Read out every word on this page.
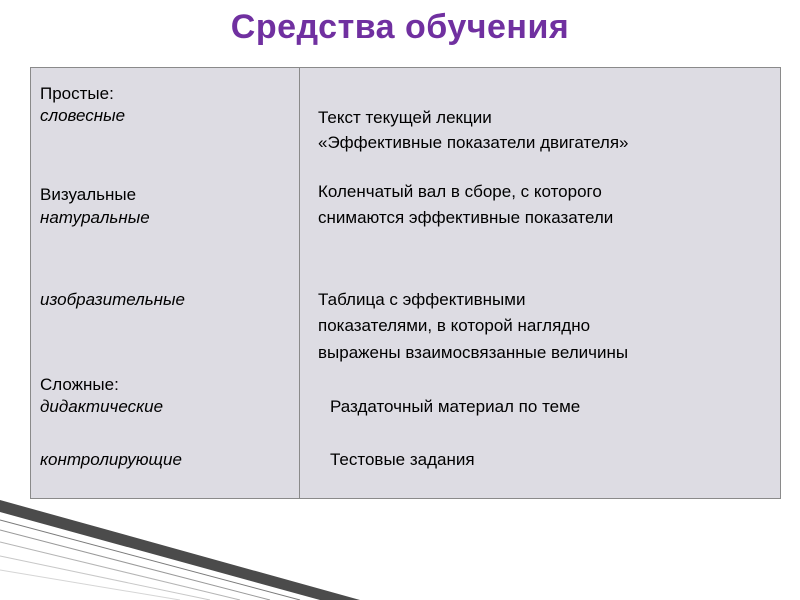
Средства обучения
Простые:
словесные
Визуальные
натуральные
изобразительные
Сложные:
дидактические
контролирующие
Текст текущей лекции
«Эффективные показатели двигателя»
Коленчатый вал в сборе, с которого
снимаются эффективные показатели
Таблица с эффективными
показателями, в которой наглядно
выражены взаимосвязанные величины
Раздаточный материал по теме
Тестовые задания
